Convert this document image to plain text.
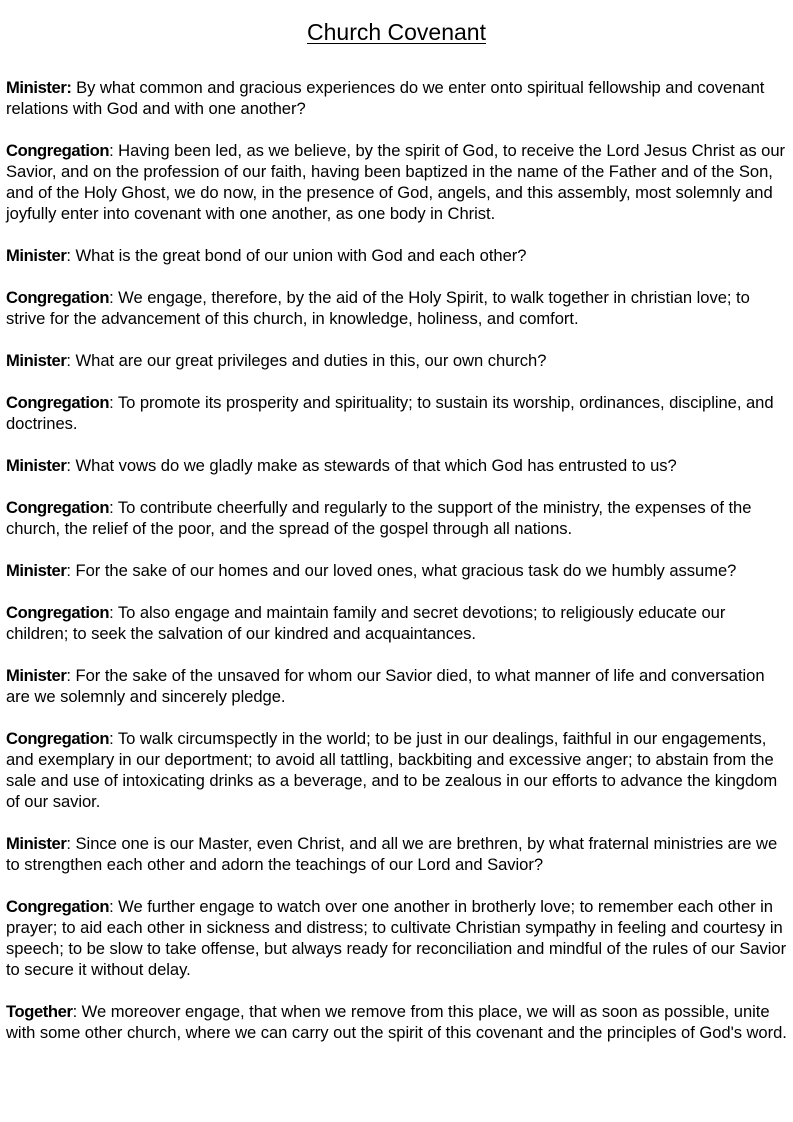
Church Covenant

Minister: By what common and gracious experiences do we enter onto spiritual fellowship and covenant relations with God and with one another?

Congregation: Having been led, as we believe, by the spirit of God, to receive the Lord Jesus Christ as our Savior, and on the profession of our faith, having been baptized in the name of the Father and of the Son, and of the Holy Ghost, we do now, in the presence of God, angels, and this assembly, most solemnly and joyfully enter into covenant with one another, as one body in Christ.

Minister: What is the great bond of our union with God and each other?

Congregation: We engage, therefore, by the aid of the Holy Spirit, to walk together in christian love; to strive for the advancement of this church, in knowledge, holiness, and comfort.

Minister: What are our great privileges and duties in this, our own church?

Congregation: To promote its prosperity and spirituality; to sustain its worship, ordinances, discipline, and doctrines.

Minister: What vows do we gladly make as stewards of that which God has entrusted to us?

Congregation: To contribute cheerfully and regularly to the support of the ministry, the expenses of the church, the relief of the poor, and the spread of the gospel through all nations.

Minister: For the sake of our homes and our loved ones, what gracious task do we humbly assume?

Congregation: To also engage and maintain family and secret devotions; to religiously educate our children; to seek the salvation of our kindred and acquaintances.

Minister: For the sake of the unsaved for whom our Savior died, to what manner of life and conversation are we solemnly and sincerely pledge.

Congregation: To walk circumspectly in the world; to be just in our dealings, faithful in our engagements, and exemplary in our deportment; to avoid all tattling, backbiting and excessive anger; to abstain from the sale and use of intoxicating drinks as a beverage, and to be zealous in our efforts to advance the kingdom of our savior.

Minister: Since one is our Master, even Christ, and all we are brethren, by what fraternal ministries are we to strengthen each other and adorn the teachings of our Lord and Savior?

Congregation: We further engage to watch over one another in brotherly love; to remember each other in prayer; to aid each other in sickness and distress; to cultivate Christian sympathy in feeling and courtesy in speech; to be slow to take offense, but always ready for reconciliation and mindful of the rules of our Savior to secure it without delay.

Together: We moreover engage, that when we remove from this place, we will as soon as possible, unite with some other church, where we can carry out the spirit of this covenant and the principles of God's word.
